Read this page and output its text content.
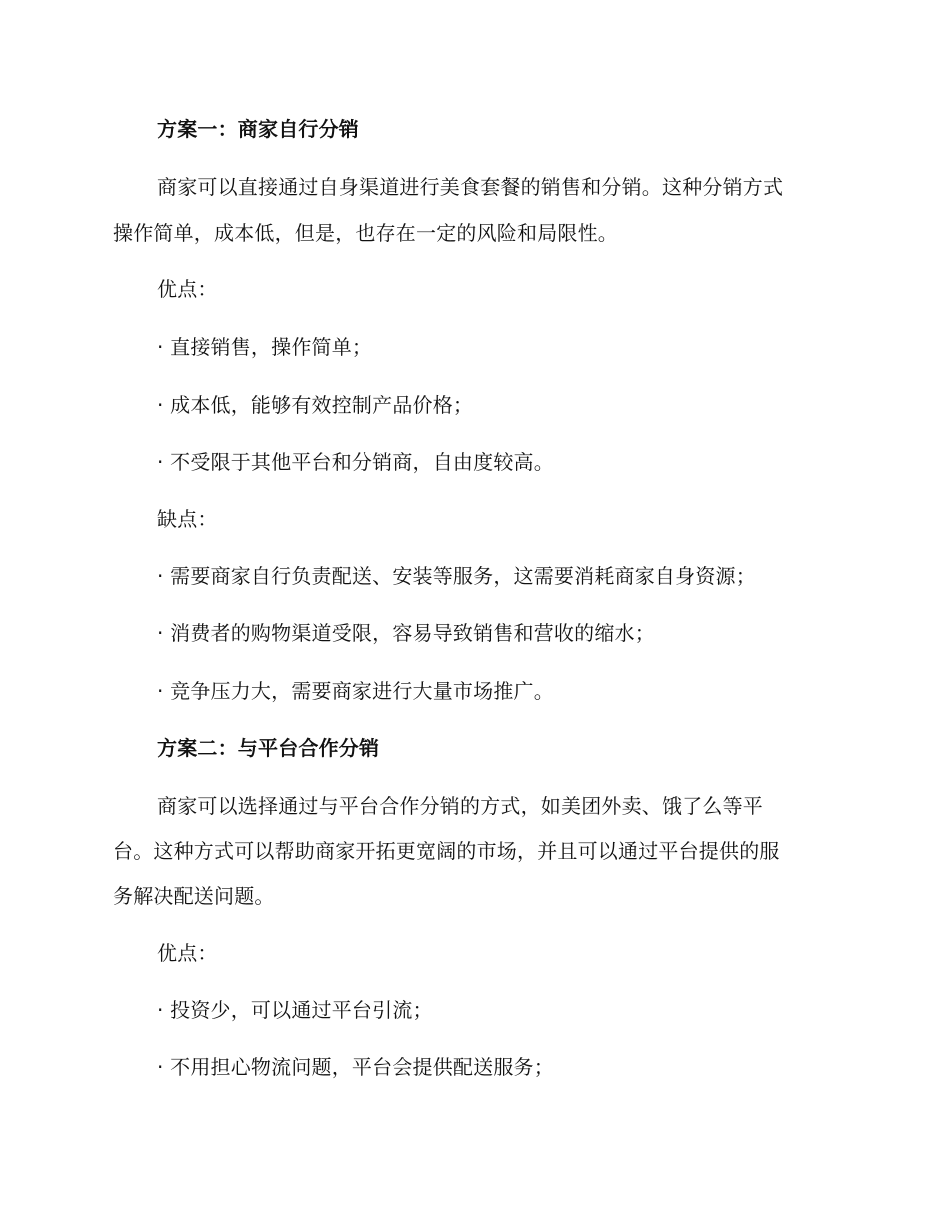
方案一：商家自行分销
商家可以直接通过自身渠道进行美食套餐的销售和分销。这种分销方式
操作简单，成本低，但是，也存在一定的风险和局限性。
优点：
· 直接销售，操作简单；
· 成本低，能够有效控制产品价格；
· 不受限于其他平台和分销商，自由度较高。
缺点：
· 需要商家自行负责配送、安装等服务，这需要消耗商家自身资源；
· 消费者的购物渠道受限，容易导致销售和营收的缩水；
· 竞争压力大，需要商家进行大量市场推广。
方案二：与平台合作分销
商家可以选择通过与平台合作分销的方式，如美团外卖、饿了么等平
台。这种方式可以帮助商家开拓更宽阔的市场，并且可以通过平台提供的服
务解决配送问题。
优点：
· 投资少，可以通过平台引流；
· 不用担心物流问题，平台会提供配送服务；
